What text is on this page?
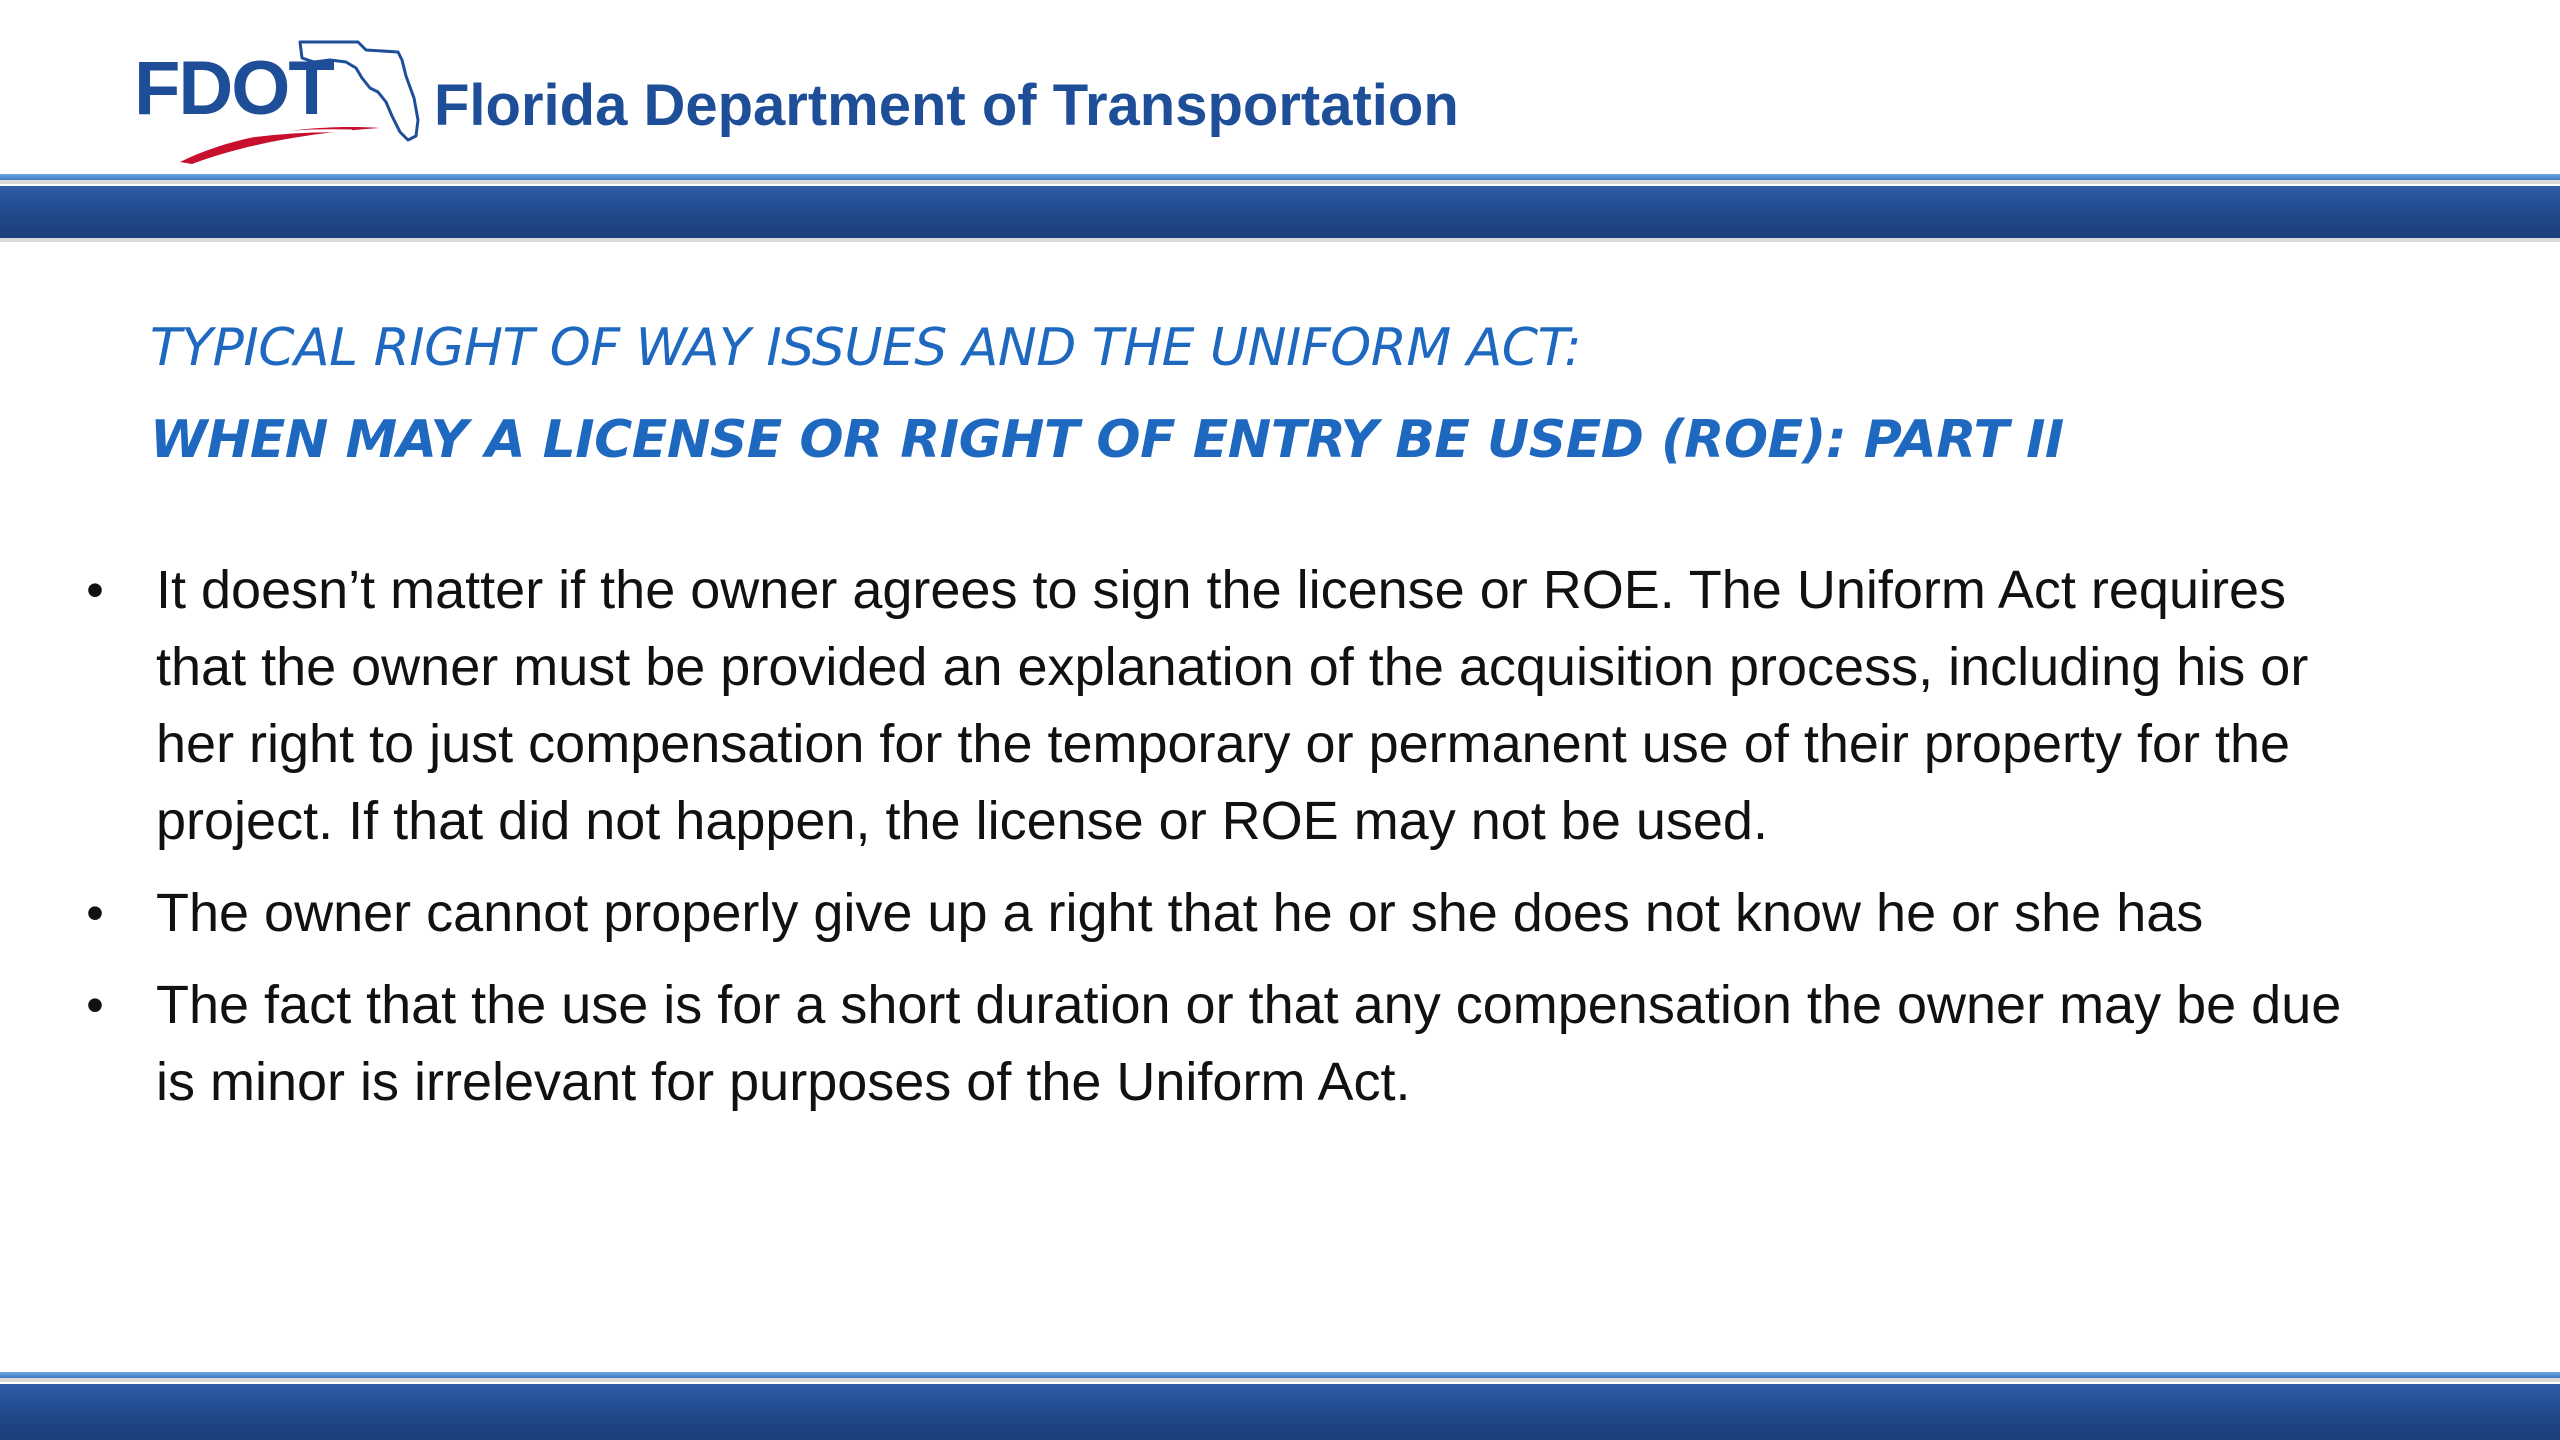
FDOT Florida Department of Transportation
TYPICAL RIGHT OF WAY ISSUES AND THE UNIFORM ACT:
WHEN MAY A LICENSE OR RIGHT OF ENTRY BE USED (ROE): PART II
• It doesn’t matter if the owner agrees to sign the license or ROE. The Uniform Act requires that the owner must be provided an explanation of the acquisition process, including his or her right to just compensation for the temporary or permanent use of their property for the project. If that did not happen, the license or ROE may not be used.
• The owner cannot properly give up a right that he or she does not know he or she has
• The fact that the use is for a short duration or that any compensation the owner may be due is minor is irrelevant for purposes of the Uniform Act.
